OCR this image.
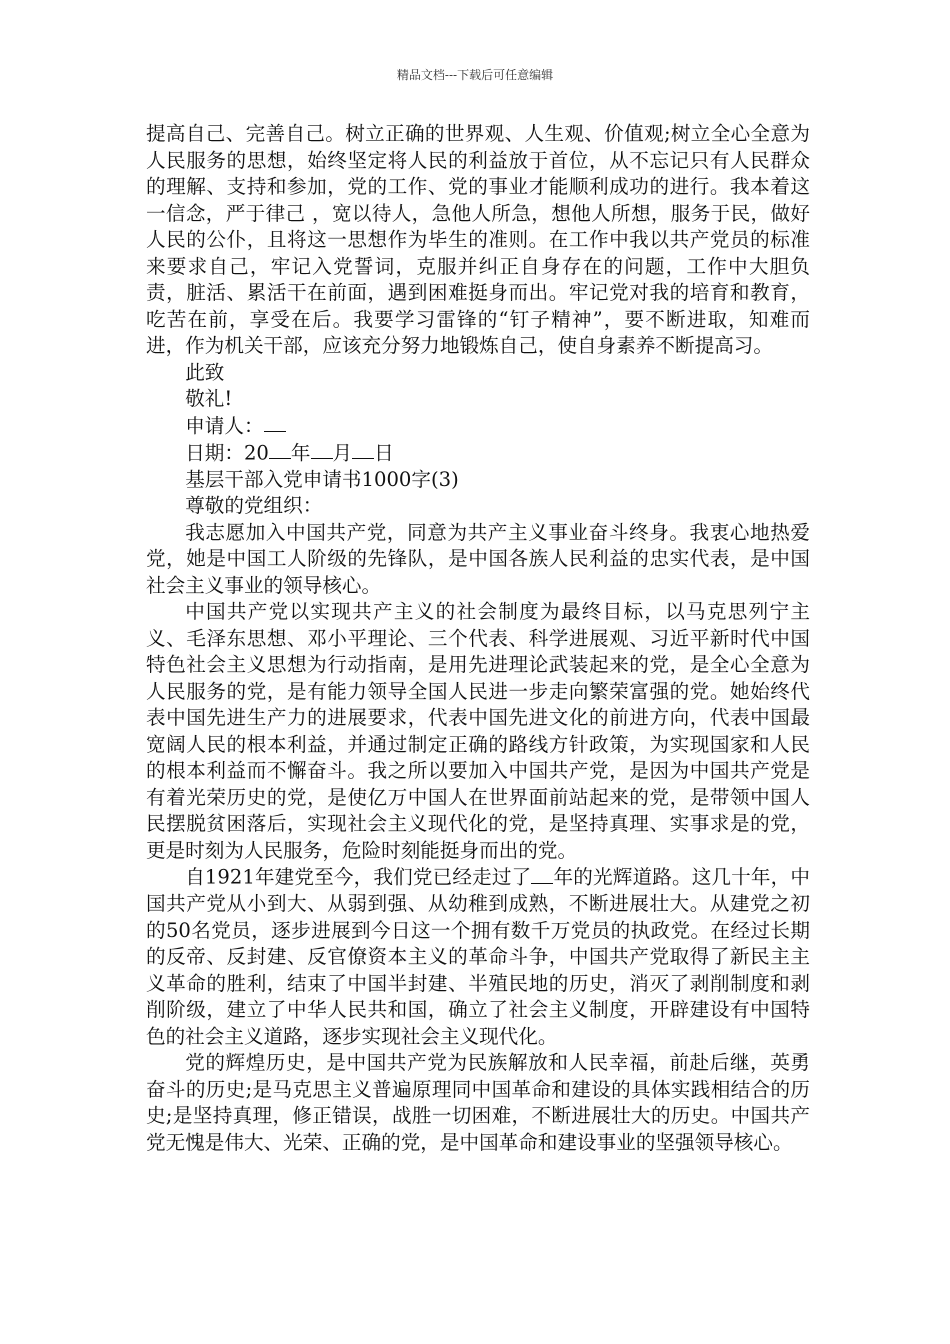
精品文档---下载后可任意编辑

提高自己、完善自己。树立正确的世界观、人生观、价值观;树立全心全意为人民服务的思想，始终坚定将人民的利益放于首位，从不忘记只有人民群众的理解、支持和参加，党的工作、党的事业才能顺利成功的进行。我本着这一信念，严于律己 ，宽以待人，急他人所急，想他人所想，服务于民，做好人民的公仆，且将这一思想作为毕生的准则。在工作中我以共产党员的标准来要求自己，牢记入党誓词，克服并纠正自身存在的问题，工作中大胆负责，脏活、累活干在前面，遇到困难挺身而出。牢记党对我的培育和教育，吃苦在前，享受在后。我要学习雷锋的“钉子精神”，要不断进取，知难而进，作为机关干部，应该充分努力地锻炼自己，使自身素养不断提高习。

此致

敬礼!

申请人：

日期：20 年 月 日

基层干部入党申请书1000字(3)

尊敬的党组织：

我志愿加入中国共产党，同意为共产主义事业奋斗终身。我衷心地热爱党，她是中国工人阶级的先锋队，是中国各族人民利益的忠实代表，是中国社会主义事业的领导核心。

中国共产党以实现共产主义的社会制度为最终目标，以马克思列宁主义、毛泽东思想、邓小平理论、三个代表、科学进展观、习近平新时代中国特色社会主义思想为行动指南，是用先进理论武装起来的党，是全心全意为人民服务的党，是有能力领导全国人民进一步走向繁荣富强的党。她始终代表中国先进生产力的进展要求，代表中国先进文化的前进方向，代表中国最宽阔人民的根本利益，并通过制定正确的路线方针政策，为实现国家和人民的根本利益而不懈奋斗。我之所以要加入中国共产党，是因为中国共产党是有着光荣历史的党，是使亿万中国人在世界面前站起来的党，是带领中国人民摆脱贫困落后，实现社会主义现代化的党，是坚持真理、实事求是的党，更是时刻为人民服务，危险时刻能挺身而出的党。

自1921年建党至今，我们党已经走过了 年的光辉道路。这几十年，中国共产党从小到大、从弱到强、从幼稚到成熟，不断进展壮大。从建党之初的50名党员，逐步进展到今日这一个拥有数千万党员的执政党。在经过长期的反帝、反封建、反官僚资本主义的革命斗争，中国共产党取得了新民主主义革命的胜利，结束了中国半封建、半殖民地的历史，消灭了剥削制度和剥削阶级，建立了中华人民共和国，确立了社会主义制度，开辟建设有中国特色的社会主义道路，逐步实现社会主义现代化。

党的辉煌历史，是中国共产党为民族解放和人民幸福，前赴后继，英勇奋斗的历史;是马克思主义普遍原理同中国革命和建设的具体实践相结合的历史;是坚持真理，修正错误，战胜一切困难，不断进展壮大的历史。中国共产党无愧是伟大、光荣、正确的党，是中国革命和建设事业的坚强领导核心。
